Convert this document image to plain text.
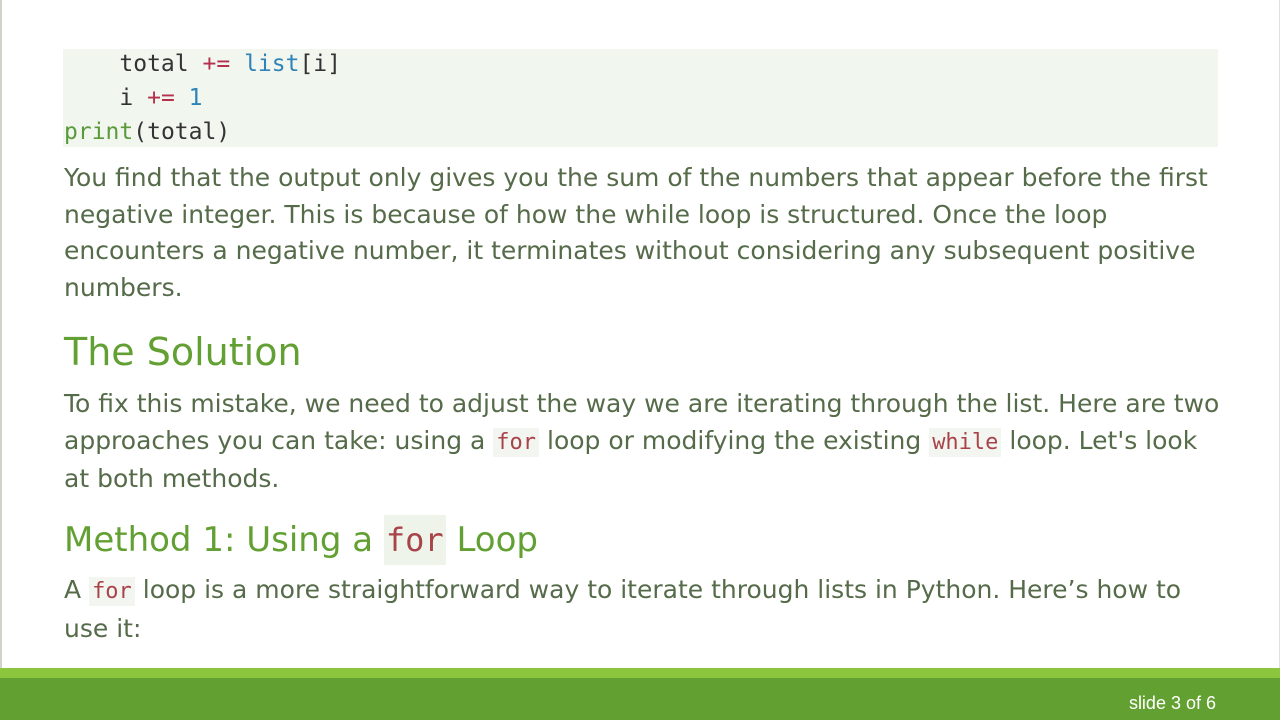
total += list[i]
i += 1
print(total)
You find that the output only gives you the sum of the numbers that appear before the first negative integer. This is because of how the while loop is structured. Once the loop encounters a negative number, it terminates without considering any subsequent positive numbers.
The Solution
To fix this mistake, we need to adjust the way we are iterating through the list. Here are two approaches you can take: using a for loop or modifying the existing while loop. Let's look at both methods.
Method 1: Using a for Loop
A for loop is a more straightforward way to iterate through lists in Python. Here’s how to use it:
slide 3 of 6
